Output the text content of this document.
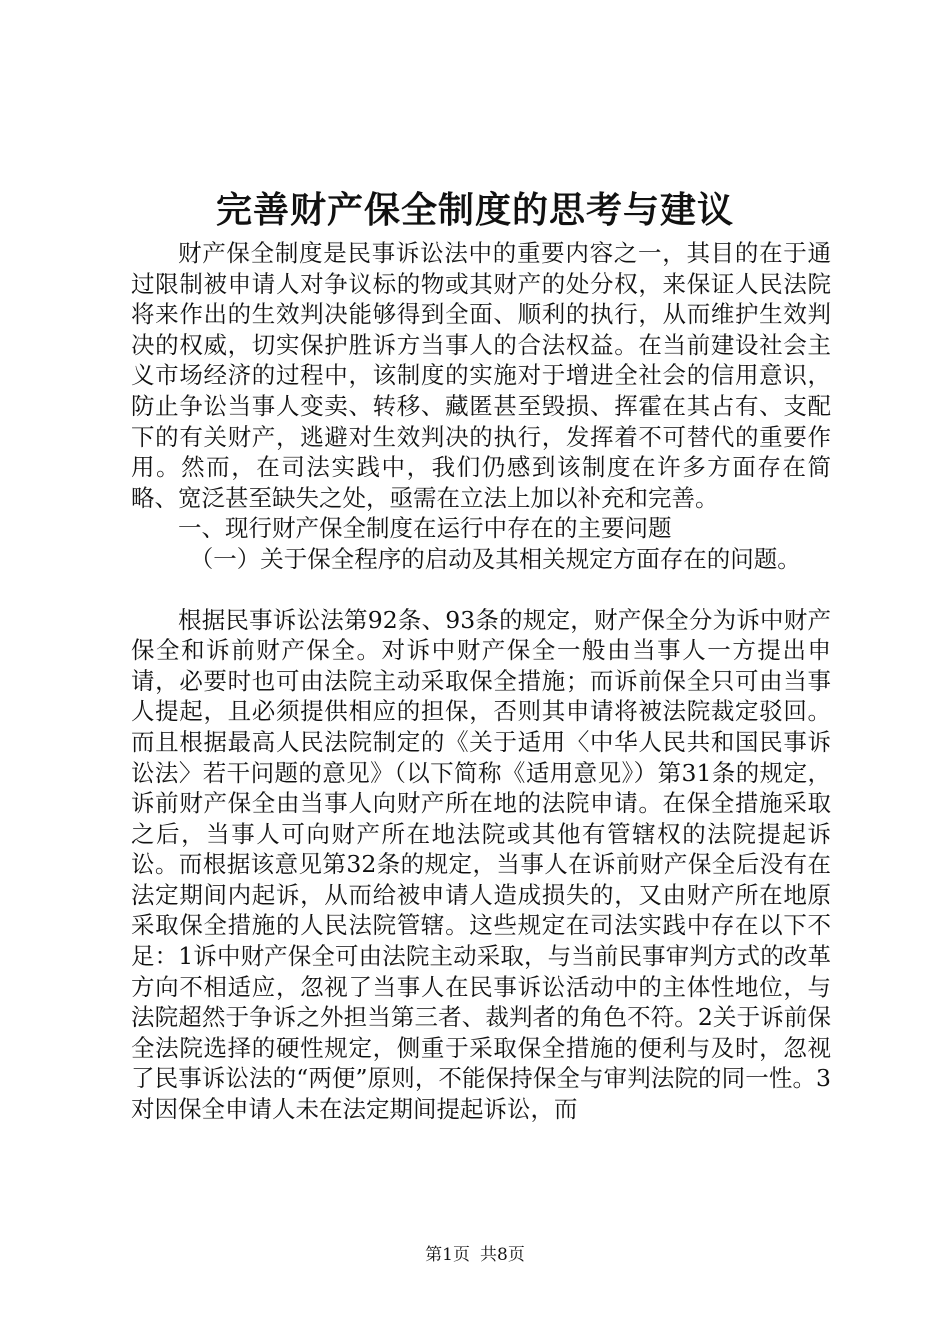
完善财产保全制度的思考与建议

财产保全制度是民事诉讼法中的重要内容之一，其目的在于通过限制被申请人对争议标的物或其财产的处分权，来保证人民法院将来作出的生效判决能够得到全面、顺利的执行，从而维护生效判决的权威，切实保护胜诉方当事人的合法权益。在当前建设社会主义市场经济的过程中，该制度的实施对于增进全社会的信用意识，防止争讼当事人变卖、转移、藏匿甚至毁损、挥霍在其占有、支配下的有关财产，逃避对生效判决的执行，发挥着不可替代的重要作用。然而，在司法实践中，我们仍感到该制度在许多方面存在简略、宽泛甚至缺失之处，亟需在立法上加以补充和完善。

一、现行财产保全制度在运行中存在的主要问题

（一）关于保全程序的启动及其相关规定方面存在的问题。

根据民事诉讼法第92条、93条的规定，财产保全分为诉中财产保全和诉前财产保全。对诉中财产保全一般由当事人一方提出申请，必要时也可由法院主动采取保全措施；而诉前保全只可由当事人提起，且必须提供相应的担保，否则其申请将被法院裁定驳回。而且根据最高人民法院制定的《关于适用〈中华人民共和国民事诉讼法〉若干问题的意见》（以下简称《适用意见》）第31条的规定，诉前财产保全由当事人向财产所在地的法院申请。在保全措施采取之后，当事人可向财产所在地法院或其他有管辖权的法院提起诉讼。而根据该意见第32条的规定，当事人在诉前财产保全后没有在法定期间内起诉，从而给被申请人造成损失的，又由财产所在地原采取保全措施的人民法院管辖。这些规定在司法实践中存在以下不足：1诉中财产保全可由法院主动采取，与当前民事审判方式的改革方向不相适应，忽视了当事人在民事诉讼活动中的主体性地位，与法院超然于争诉之外担当第三者、裁判者的角色不符。2关于诉前保全法院选择的硬性规定，侧重于采取保全措施的便利与及时，忽视了民事诉讼法的“两便”原则，不能保持保全与审判法院的同一性。3对因保全申请人未在法定期间提起诉讼，而

第1页 共8页
